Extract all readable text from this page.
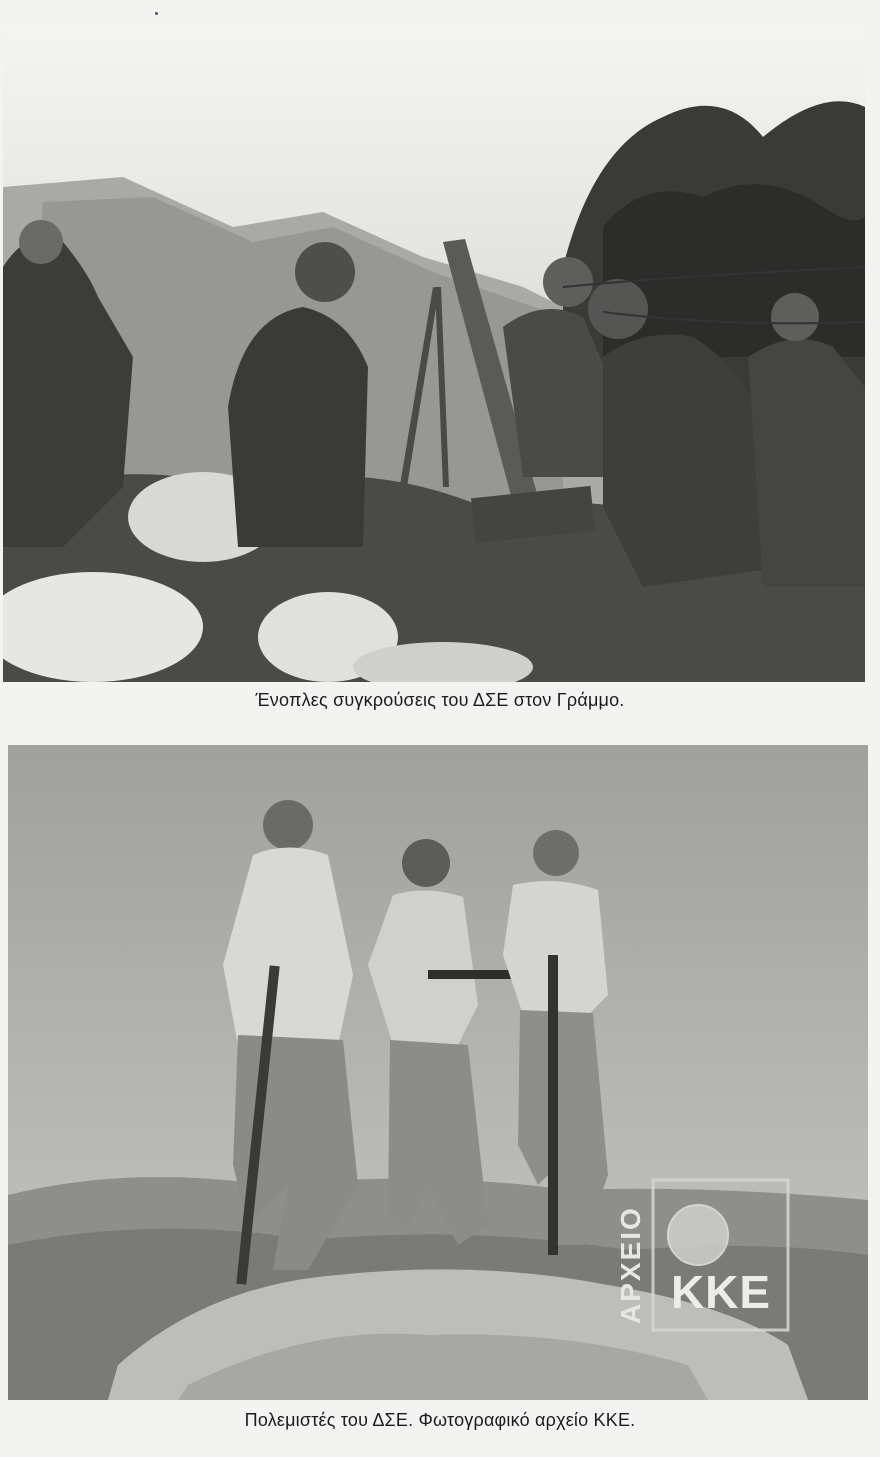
Ένοπλες συγκρούσεις του ΔΣΕ στον Γράμμο.
ΑΡΧΕΙΟ ΚΚΕ
Πολεμιστές του ΔΣΕ. Φωτογραφικό αρχείο ΚΚΕ.
